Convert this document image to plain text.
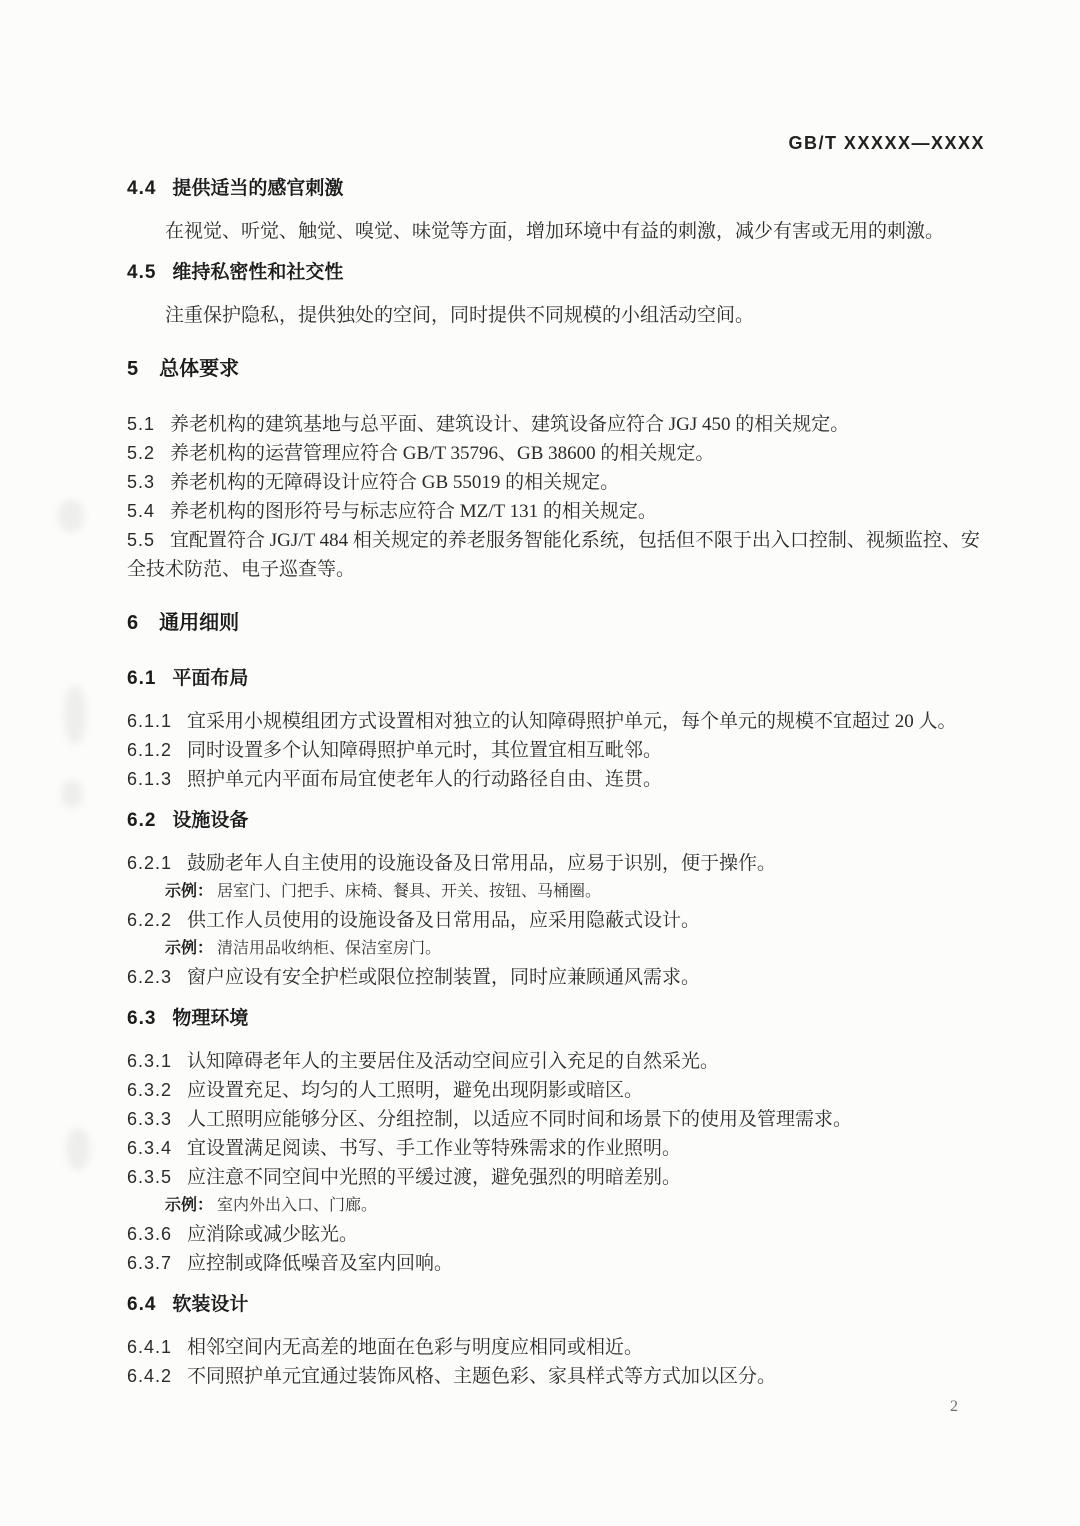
GB/T XXXXX—XXXX
4.4 提供适当的感官刺激
在视觉、听觉、触觉、嗅觉、味觉等方面，增加环境中有益的刺激，减少有害或无用的刺激。
4.5 维持私密性和社交性
注重保护隐私，提供独处的空间，同时提供不同规模的小组活动空间。
5 总体要求
5.1 养老机构的建筑基地与总平面、建筑设计、建筑设备应符合 JGJ 450 的相关规定。
5.2 养老机构的运营管理应符合 GB/T 35796、GB 38600 的相关规定。
5.3 养老机构的无障碍设计应符合 GB 55019 的相关规定。
5.4 养老机构的图形符号与标志应符合 MZ/T 131 的相关规定。
5.5 宜配置符合 JGJ/T 484 相关规定的养老服务智能化系统，包括但不限于出入口控制、视频监控、安全技术防范、电子巡查等。
6 通用细则
6.1 平面布局
6.1.1 宜采用小规模组团方式设置相对独立的认知障碍照护单元，每个单元的规模不宜超过 20 人。
6.1.2 同时设置多个认知障碍照护单元时，其位置宜相互毗邻。
6.1.3 照护单元内平面布局宜使老年人的行动路径自由、连贯。
6.2 设施设备
6.2.1 鼓励老年人自主使用的设施设备及日常用品，应易于识别，便于操作。
示例： 居室门、门把手、床椅、餐具、开关、按钮、马桶圈。
6.2.2 供工作人员使用的设施设备及日常用品，应采用隐蔽式设计。
示例： 清洁用品收纳柜、保洁室房门。
6.2.3 窗户应设有安全护栏或限位控制装置，同时应兼顾通风需求。
6.3 物理环境
6.3.1 认知障碍老年人的主要居住及活动空间应引入充足的自然采光。
6.3.2 应设置充足、均匀的人工照明，避免出现阴影或暗区。
6.3.3 人工照明应能够分区、分组控制，以适应不同时间和场景下的使用及管理需求。
6.3.4 宜设置满足阅读、书写、手工作业等特殊需求的作业照明。
6.3.5 应注意不同空间中光照的平缓过渡，避免强烈的明暗差别。
示例： 室内外出入口、门廊。
6.3.6 应消除或减少眩光。
6.3.7 应控制或降低噪音及室内回响。
6.4 软装设计
6.4.1 相邻空间内无高差的地面在色彩与明度应相同或相近。
6.4.2 不同照护单元宜通过装饰风格、主题色彩、家具样式等方式加以区分。
2
